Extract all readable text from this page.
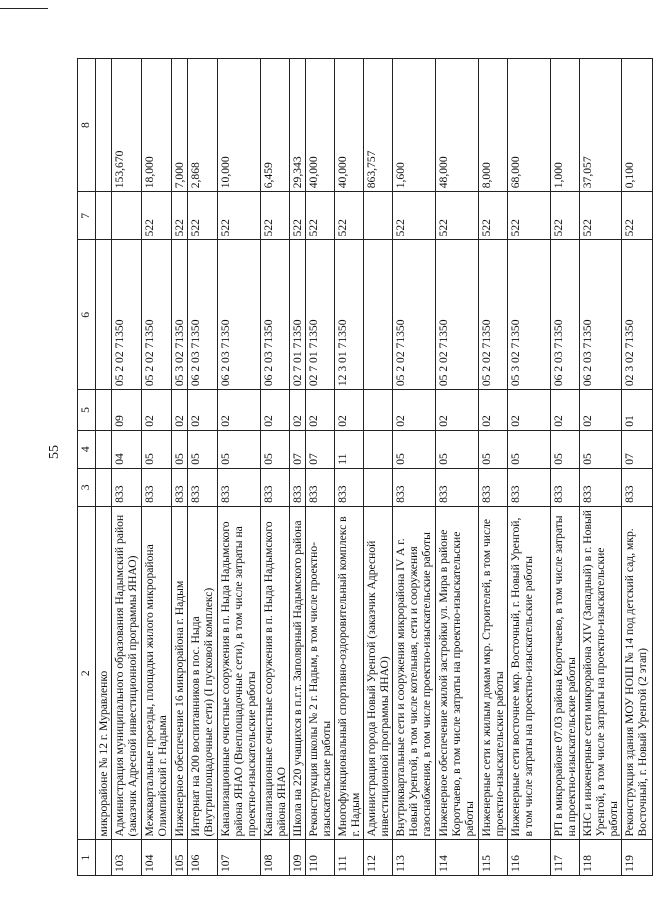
55
1	2	3	4	5	6	7	8
	микрорайоне № 12 г. Муравленко						
103	Администрация муниципального образования Надымский район (заказчик Адресной инвестиционной программы ЯНАО)	833	04	09	05 2 02 71350		153,670
104	Межквартальные проезды, площадки жилого микрорайона Олимпийский г. Надыма	833	05	02	05 2 02 71350	522	18,000
105	Инженерное обеспечение 16 микрорайона г. Надым	833	05	02	05 3 02 71350	522	7,000
106	Интернат на 200 воспитанников в пос. Ныда (Внутриплощадочные сети) (I пусковой комплекс)	833	05	02	06 2 03 71350	522	2,868
107	Канализационные очистные сооружения в п. Ныда Надымского района ЯНАО (Внеплощадочные сети), в том числе затраты на проектно-изыскательские работы	833	05	02	06 2 03 71350	522	10,000
108	Канализационные очистные сооружения в п. Ныда Надымского района ЯНАО	833	05	02	06 2 03 71350	522	6,459
109	Школа на 220 учащихся в п.г.т. Заполярный Надымского района	833	07	02	02 7 01 71350	522	29,343
110	Реконструкция школы № 2 г. Надым, в том числе проектно-изыскательские работы	833	07	02	02 7 01 71350	522	40,000
111	Многофункциональный спортивно-оздоровительный комплекс в г. Надым	833	11	02	12 3 01 71350	522	40,000
112	Администрация города Новый Уренгой (заказчик Адресной инвестиционной программы ЯНАО)						863,757
113	Внутриквартальные сети и сооружения микрорайона IV А г. Новый Уренгой, в том числе котельная, сети и сооружения газоснабжения, в том числе проектно-изыскательские работы	833	05	02	05 2 02 71350	522	1,600
114	Инженерное обеспечение жилой застройки ул. Мира в районе Коротчаево, в том числе затраты на проектно-изыскательские работы	833	05	02	05 2 02 71350	522	48,000
115	Инженерные сети к жилым домам мкр. Строителей, в том числе проектно-изыскательские работы	833	05	02	05 2 02 71350	522	8,000
116	Инженерные сети восточнее мкр. Восточный, г. Новый Уренгой, в том числе затраты на проектно-изыскательские работы	833	05	02	05 3 02 71350	522	68,000
117	РП в микрорайоне 07.03 района Коротчаево, в том числе затраты на проектно-изыскательские работы	833	05	02	06 2 03 71350	522	1,000
118	КНС и инженерные сети микрорайона XIV (Западный) в г. Новый Уренгой, в том числе затраты на проектно-изыскательские работы	833	05	02	06 2 03 71350	522	37,057
119	Реконструкция здания МОУ НОШ № 14 под детский сад, мкр. Восточный, г. Новый Уренгой (2 этап)	833	07	01	02 3 02 71350	522	0,100
